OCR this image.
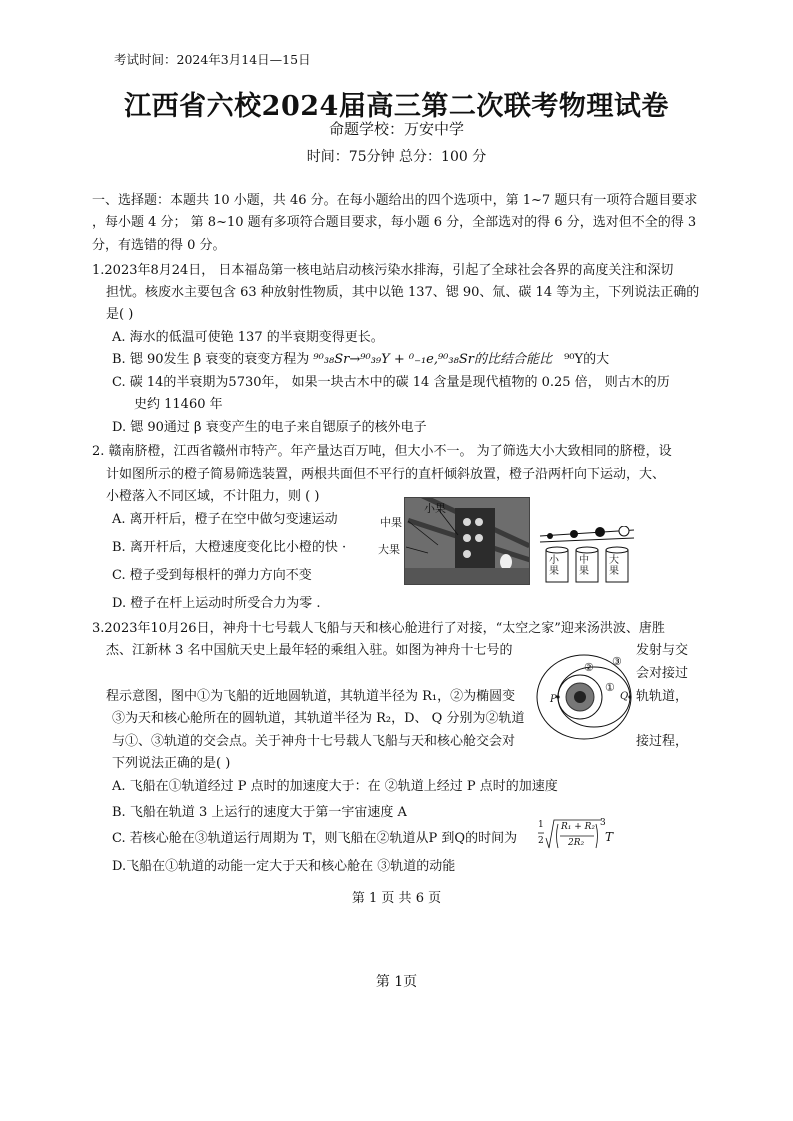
考试时间：2024年3月14日—15日
江西省六校2024届高三第二次联考物理试卷
命题学校：万安中学
时间：75分钟 总分：100 分
一、选择题：本题共 10 小题，共 46 分。在每小题给出的四个选项中，第 1~7 题只有一项符合题目要求
，每小题 4 分； 第 8~10 题有多项符合题目要求，每小题 6 分，全部选对的得 6 分，选对但不全的得 3
分，有选错的得 0 分。
1.2023年8月24日， 日本福岛第一核电站启动核污染水排海，引起了全球社会各界的高度关注和深切
担忧。核废水主要包含 63 种放射性物质，其中以铯 137、锶 90、氚、碳 14 等为主，下列说法正确的
是( )
A. 海水的低温可使铯 137 的半衰期变得更长。
B. 锶 90发生 β 衰变的衰变方程为 ⁹⁰₃₈Sr→⁹⁰₃₉Y + ⁰₋₁e,⁹⁰₃₈Sr的比结合能比 ⁹⁰Y的大
C. 碳 14的半衰期为5730年， 如果一块古木中的碳 14 含量是现代植物的 0.25 倍， 则古木的历
史约 11460 年
D. 锶 90通过 β 衰变产生的电子来自锶原子的核外电子
2. 赣南脐橙，江西省赣州市特产。年产量达百万吨，但大小不一。 为了筛选大小大致相同的脐橙，设
计如图所示的橙子简易筛选装置，两根共面但不平行的直杆倾斜放置，橙子沿两杆向下运动，大、
小橙落入不同区域，不计阻力，则 ( )
A. 离开杆后，橙子在空中做匀变速运动
B. 离开杆后，大橙速度变化比小橙的快 ·
C. 橙子受到每根杆的弹力方向不变
D. 橙子在杆上运动时所受合力为零 .
小果
中果
大果
小果
中果
大果
3.2023年10月26日，神舟十七号载人飞船与天和核心舱进行了对接，“太空之家”迎来汤洪波、唐胜
杰、江新林 3 名中国航天史上最年轻的乘组入驻。如图为神舟十七号的	发射与交
会对接过
程示意图，图中①为飞船的近地圆轨道，其轨道半径为 R₁，②为椭圆变	轨轨道，
③为天和核心舱所在的圆轨道，其轨道半径为 R₂，D、 Q 分别为②轨道
与①、③轨道的交会点。关于神舟十七号载人飞船与天和核心舱交会对	接过程，
下列说法正确的是( )
①
② ③
P	Q
A. 飞船在①轨道经过 P 点时的加速度大于：在 ②轨道上经过 P 点时的加速度
B. 飞船在轨道 3 上运行的速度大于第一宇宙速度 A
C. 若核心舱在③轨道运行周期为 T，则飞船在②轨道从P 到Q的时间为
1
2
R₁ + R₂
2R₂
3
T
D.飞船在①轨道的动能一定大于天和核心舱在 ③轨道的动能
第 1 页 共 6 页
第 1页
